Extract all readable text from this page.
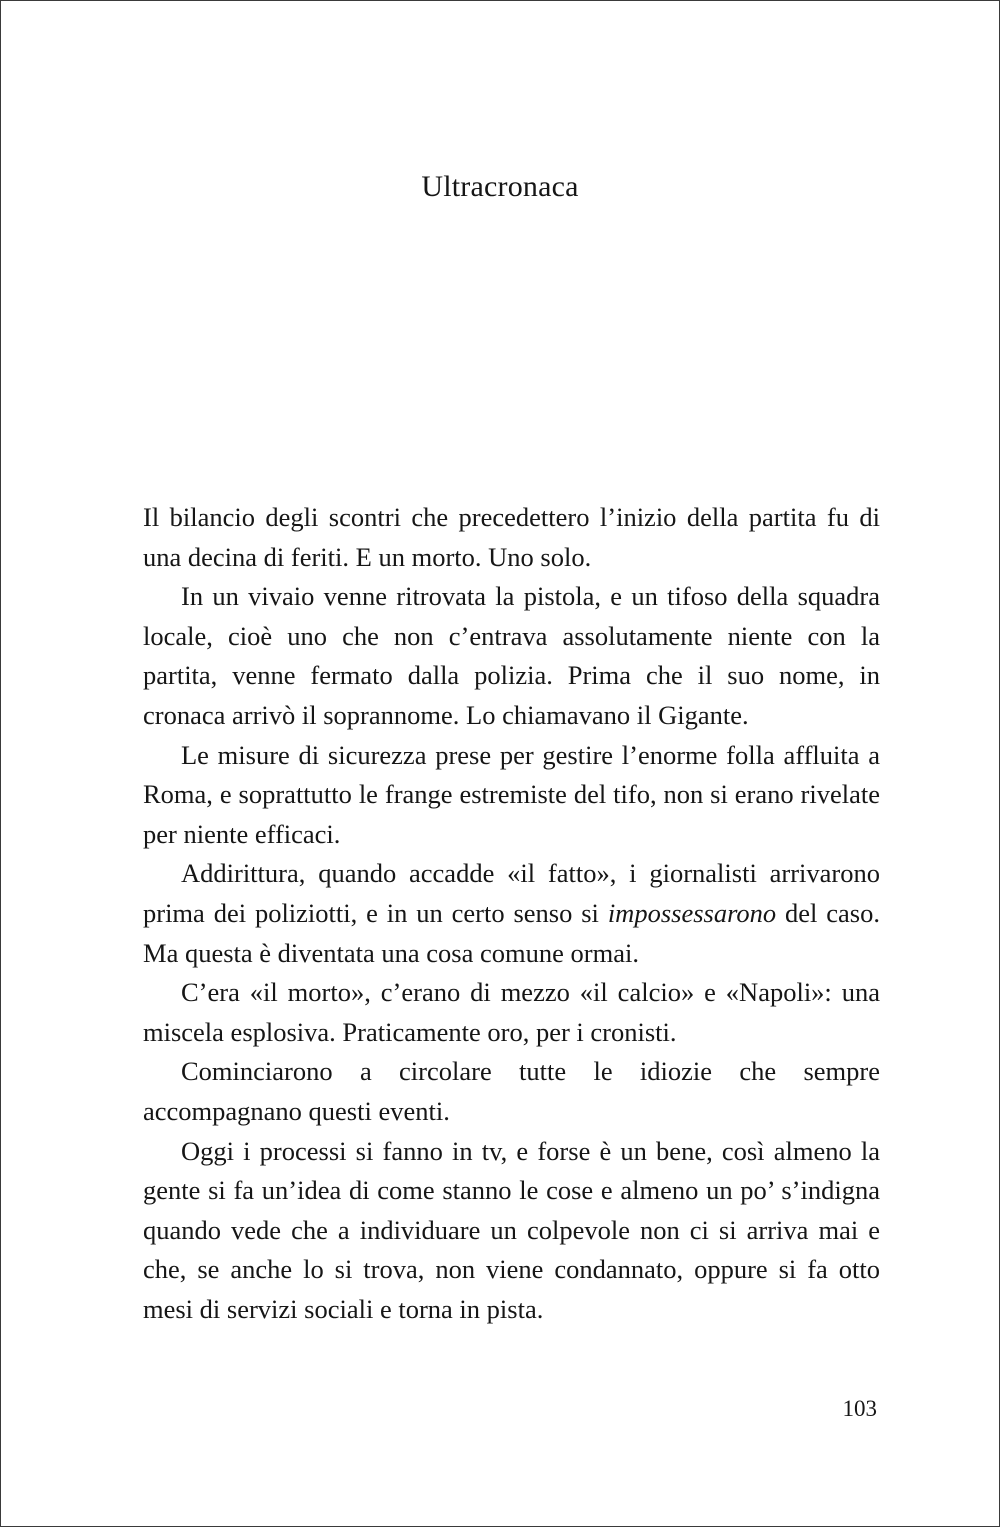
Ultracronaca

Il bilancio degli scontri che precedettero l’inizio della partita fu di una decina di feriti. E un morto. Uno solo.

In un vivaio venne ritrovata la pistola, e un tifoso della squadra locale, cioè uno che non c’entrava assolutamente niente con la partita, venne fermato dalla polizia. Prima che il suo nome, in cronaca arrivò il soprannome. Lo chiamavano il Gigante.

Le misure di sicurezza prese per gestire l’enorme folla affluita a Roma, e soprattutto le frange estremiste del tifo, non si erano rivelate per niente efficaci.

Addirittura, quando accadde «il fatto», i giornalisti arrivarono prima dei poliziotti, e in un certo senso si impossessarono del caso. Ma questa è diventata una cosa comune ormai.

C’era «il morto», c’erano di mezzo «il calcio» e «Napoli»: una miscela esplosiva. Praticamente oro, per i cronisti.

Cominciarono a circolare tutte le idiozie che sempre accompagnano questi eventi.

Oggi i processi si fanno in tv, e forse è un bene, così almeno la gente si fa un’idea di come stanno le cose e almeno un po’ s’indigna quando vede che a individuare un colpevole non ci si arriva mai e che, se anche lo si trova, non viene condannato, oppure si fa otto mesi di servizi sociali e torna in pista.

103
